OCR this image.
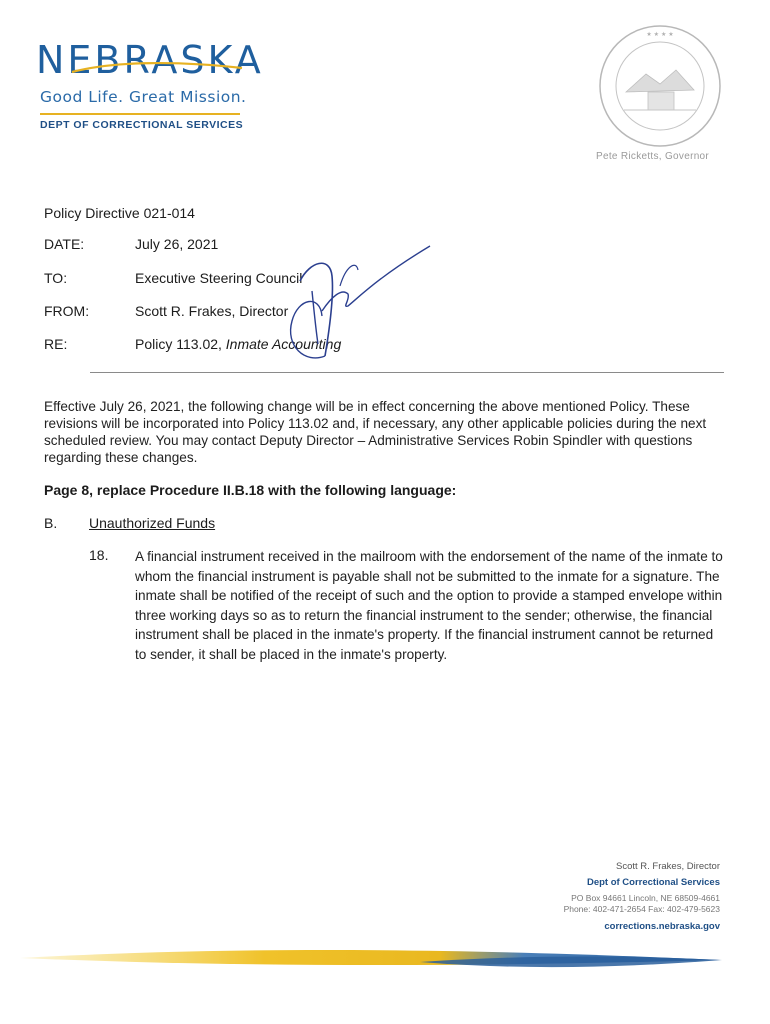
NEBRASKA
Good Life. Great Mission.
DEPT OF CORRECTIONAL SERVICES
★ ★ ★ ★
Pete Ricketts, Governor
Policy Directive 021-014
DATE:	July 26, 2021
TO:	Executive Steering Council
FROM:	Scott R. Frakes, Director
RE:	Policy 113.02, Inmate Accounting
Effective July 26, 2021, the following change will be in effect concerning the above mentioned Policy. These revisions will be incorporated into Policy 113.02 and, if necessary, any other applicable policies during the next scheduled review. You may contact Deputy Director – Administrative Services Robin Spindler with questions regarding these changes.
Page 8, replace Procedure II.B.18 with the following language:
B. Unauthorized Funds
18. A financial instrument received in the mailroom with the endorsement of the name of the inmate to whom the financial instrument is payable shall not be submitted to the inmate for a signature. The inmate shall be notified of the receipt of such and the option to provide a stamped envelope within three working days so as to return the financial instrument to the sender; otherwise, the financial instrument shall be placed in the inmate's property. If the financial instrument cannot be returned to sender, it shall be placed in the inmate's property.
Scott R. Frakes, Director
Dept of Correctional Services
PO Box 94661 Lincoln, NE 68509-4661
Phone: 402-471-2654 Fax: 402-479-5623
corrections.nebraska.gov
